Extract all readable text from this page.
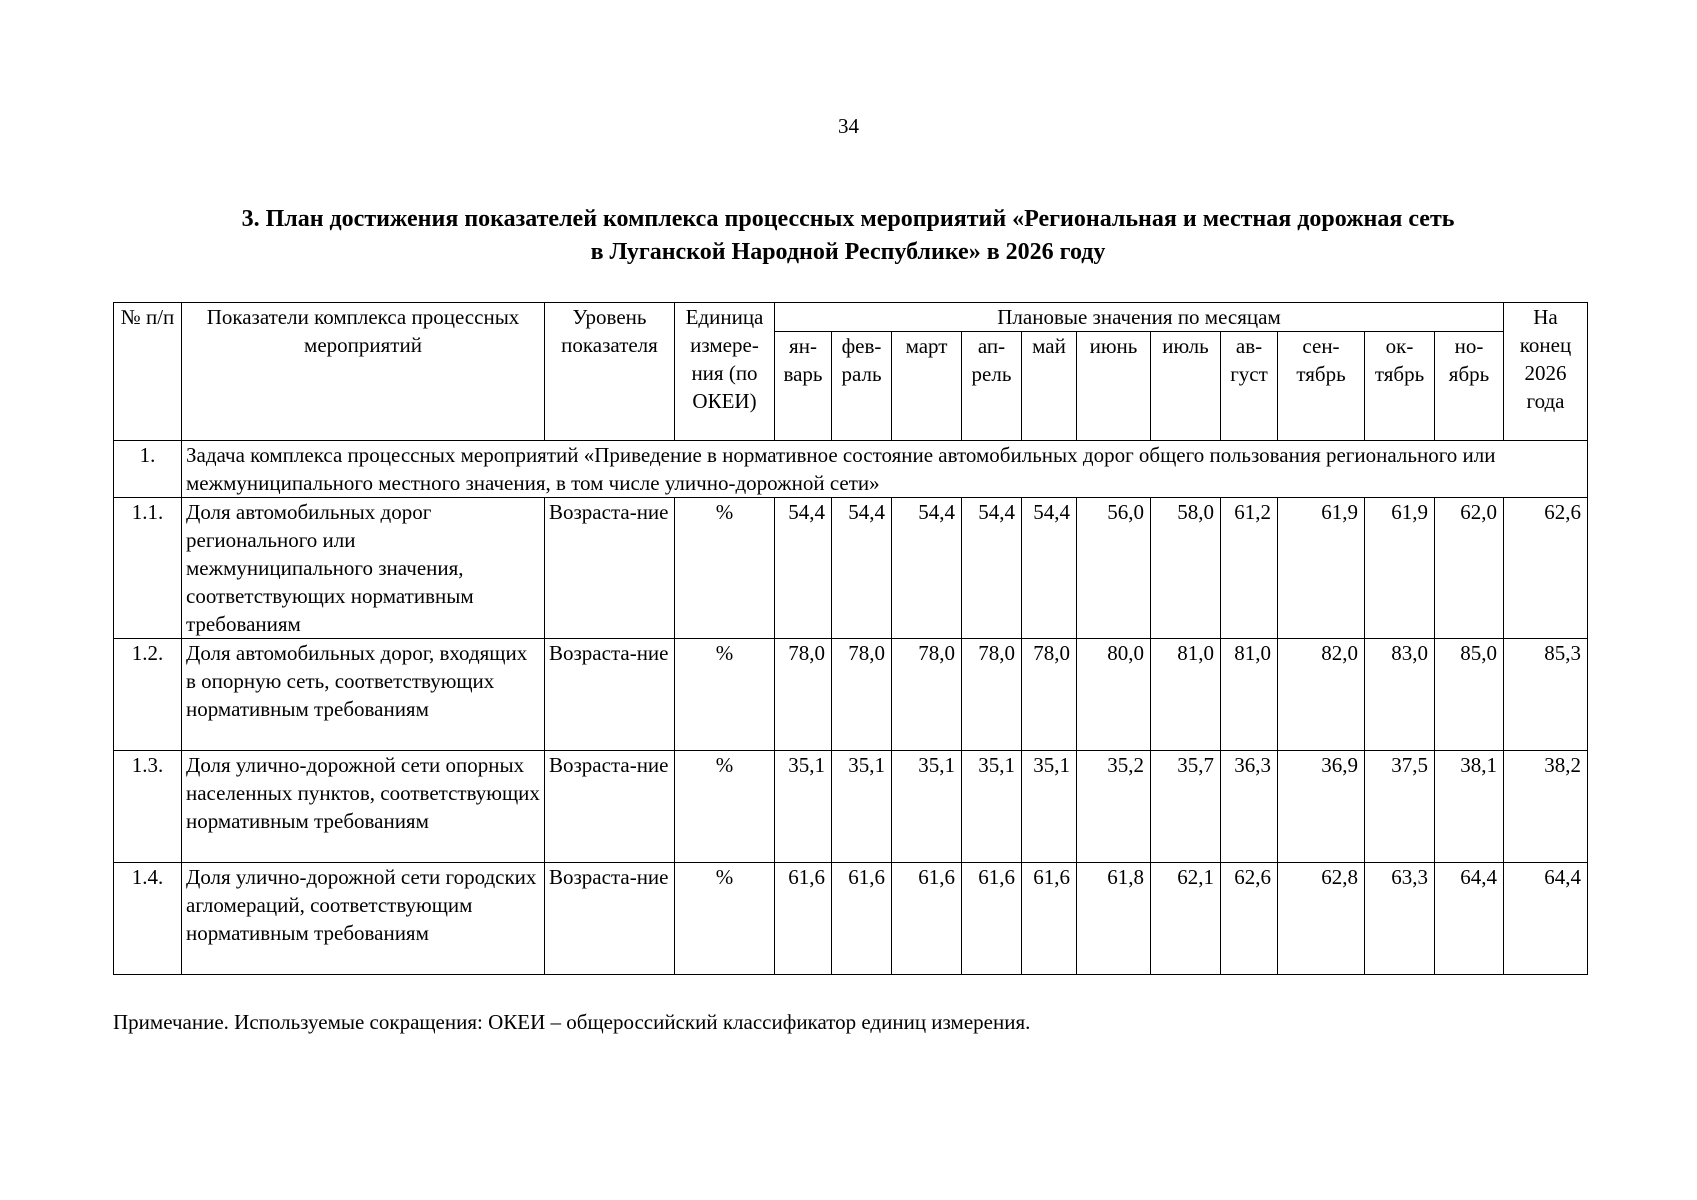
34
3. План достижения показателей комплекса процессных мероприятий «Региональная и местная дорожная сеть
в Луганской Народной Республике» в 2026 году
№ п/п	Показатели комплекса процессных мероприятий	Уровень показателя	Единица измере-ния (по ОКЕИ)	Плановые значения по месяцам											На конец 2026 года
				ян-варь	фев-раль	март	ап-рель	май	июнь	июль	ав-густ	сен-тябрь	ок-тябрь	но-ябрь	
1.	Задача комплекса процессных мероприятий «Приведение в нормативное состояние автомобильных дорог общего пользования регионального или межмуниципального местного значения, в том числе улично-дорожной сети»														
1.1.	Доля автомобильных дорог регионального или межмуниципального значения, соответствующих нормативным требованиям	Возраста-ние	%	54,4	54,4	54,4	54,4	54,4	56,0	58,0	61,2	61,9	61,9	62,0	62,6
1.2.	Доля автомобильных дорог, входящих в опорную сеть, соответствующих нормативным требованиям	Возраста-ние	%	78,0	78,0	78,0	78,0	78,0	80,0	81,0	81,0	82,0	83,0	85,0	85,3
1.3.	Доля улично-дорожной сети опорных населенных пунктов, соответствующих нормативным требованиям	Возраста-ние	%	35,1	35,1	35,1	35,1	35,1	35,2	35,7	36,3	36,9	37,5	38,1	38,2
1.4.	Доля улично-дорожной сети городских агломераций, соответствующим нормативным требованиям	Возраста-ние	%	61,6	61,6	61,6	61,6	61,6	61,8	62,1	62,6	62,8	63,3	64,4	64,4
Примечание. Используемые сокращения: ОКЕИ – общероссийский классификатор единиц измерения.
